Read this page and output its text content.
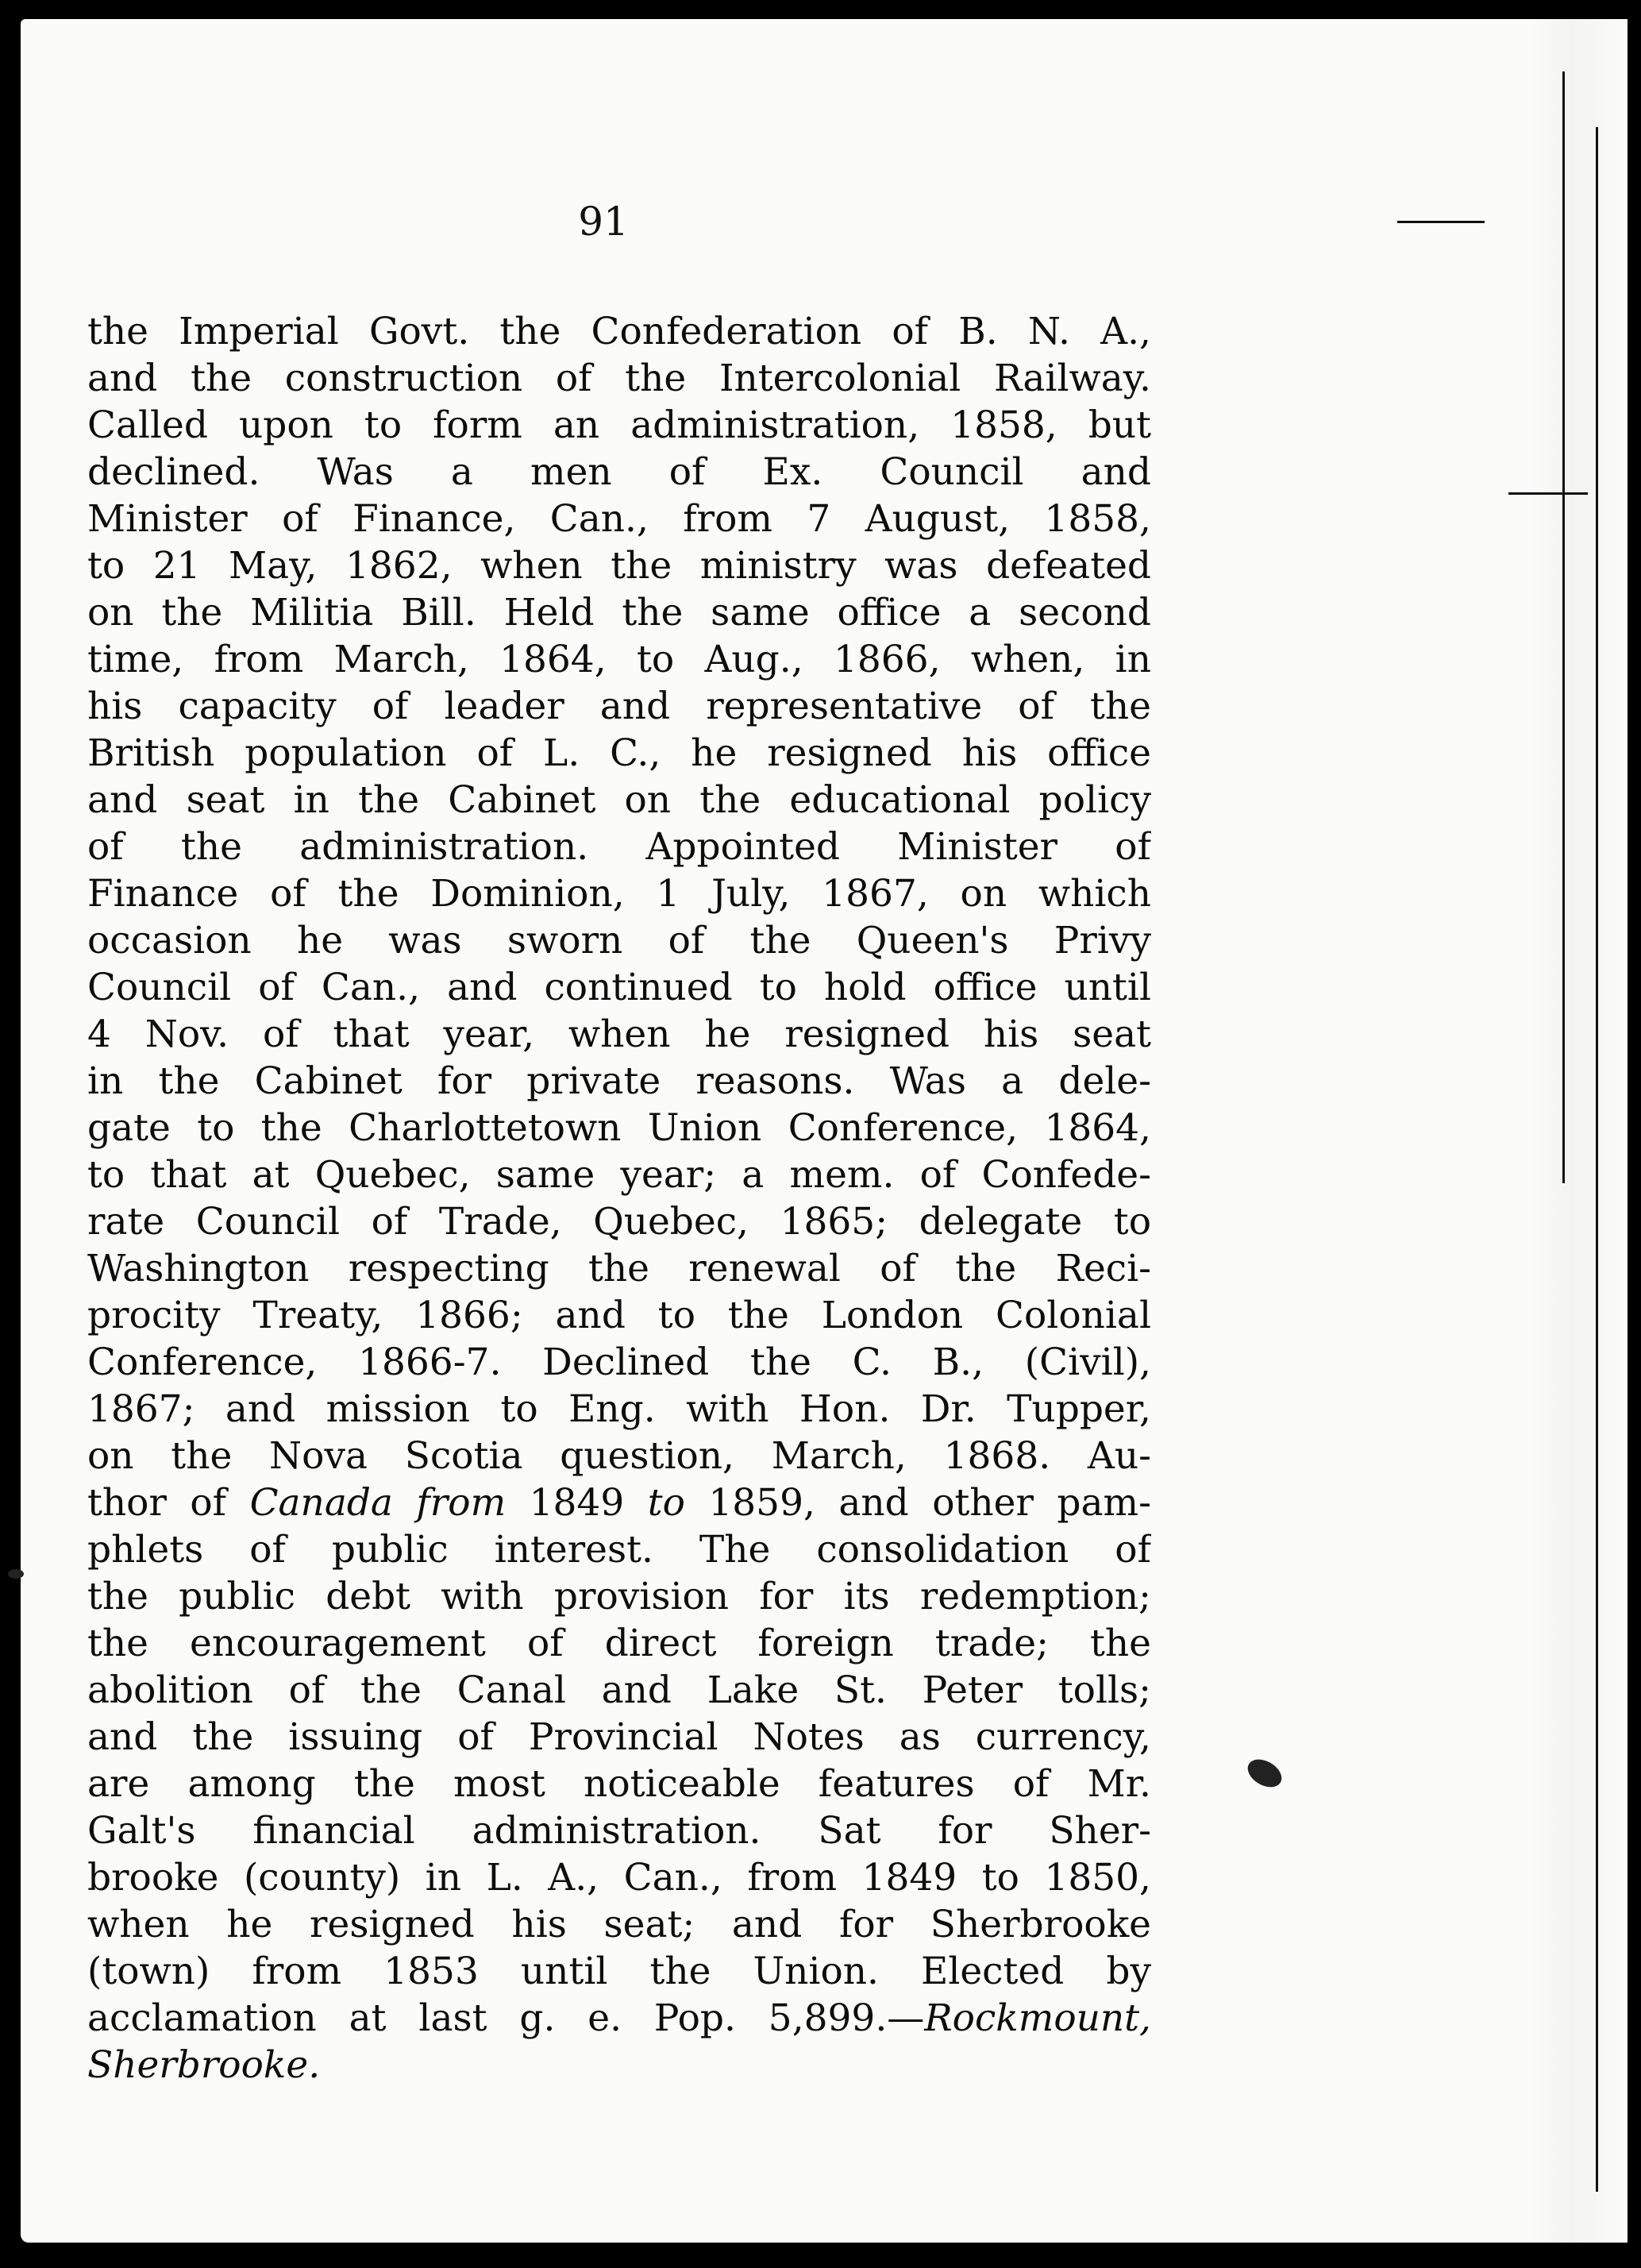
91
the Imperial Govt. the Confederation of B. N. A.,
and the construction of the Intercolonial Railway.
Called upon to form an administration, 1858, but
declined. Was a men of Ex. Council and
Minister of Finance, Can., from 7 August, 1858,
to 21 May, 1862, when the ministry was defeated
on the Militia Bill. Held the same office a second
time, from March, 1864, to Aug., 1866, when, in
his capacity of leader and representative of the
British population of L. C., he resigned his office
and seat in the Cabinet on the educational policy
of the administration. Appointed Minister of
Finance of the Dominion, 1 July, 1867, on which
occasion he was sworn of the Queen's Privy
Council of Can., and continued to hold office until
4 Nov. of that year, when he resigned his seat
in the Cabinet for private reasons. Was a dele-
gate to the Charlottetown Union Conference, 1864,
to that at Quebec, same year; a mem. of Confede-
rate Council of Trade, Quebec, 1865; delegate to
Washington respecting the renewal of the Reci-
procity Treaty, 1866; and to the London Colonial
Conference, 1866-7. Declined the C. B., (Civil),
1867; and mission to Eng. with Hon. Dr. Tupper,
on the Nova Scotia question, March, 1868. Au-
thor of Canada from 1849 to 1859, and other pam-
phlets of public interest. The consolidation of
the public debt with provision for its redemption;
the encouragement of direct foreign trade; the
abolition of the Canal and Lake St. Peter tolls;
and the issuing of Provincial Notes as currency,
are among the most noticeable features of Mr.
Galt's financial administration. Sat for Sher-
brooke (county) in L. A., Can., from 1849 to 1850,
when he resigned his seat; and for Sherbrooke
(town) from 1853 until the Union. Elected by
acclamation at last g. e. Pop. 5,899.—Rockmount,
Sherbrooke.
